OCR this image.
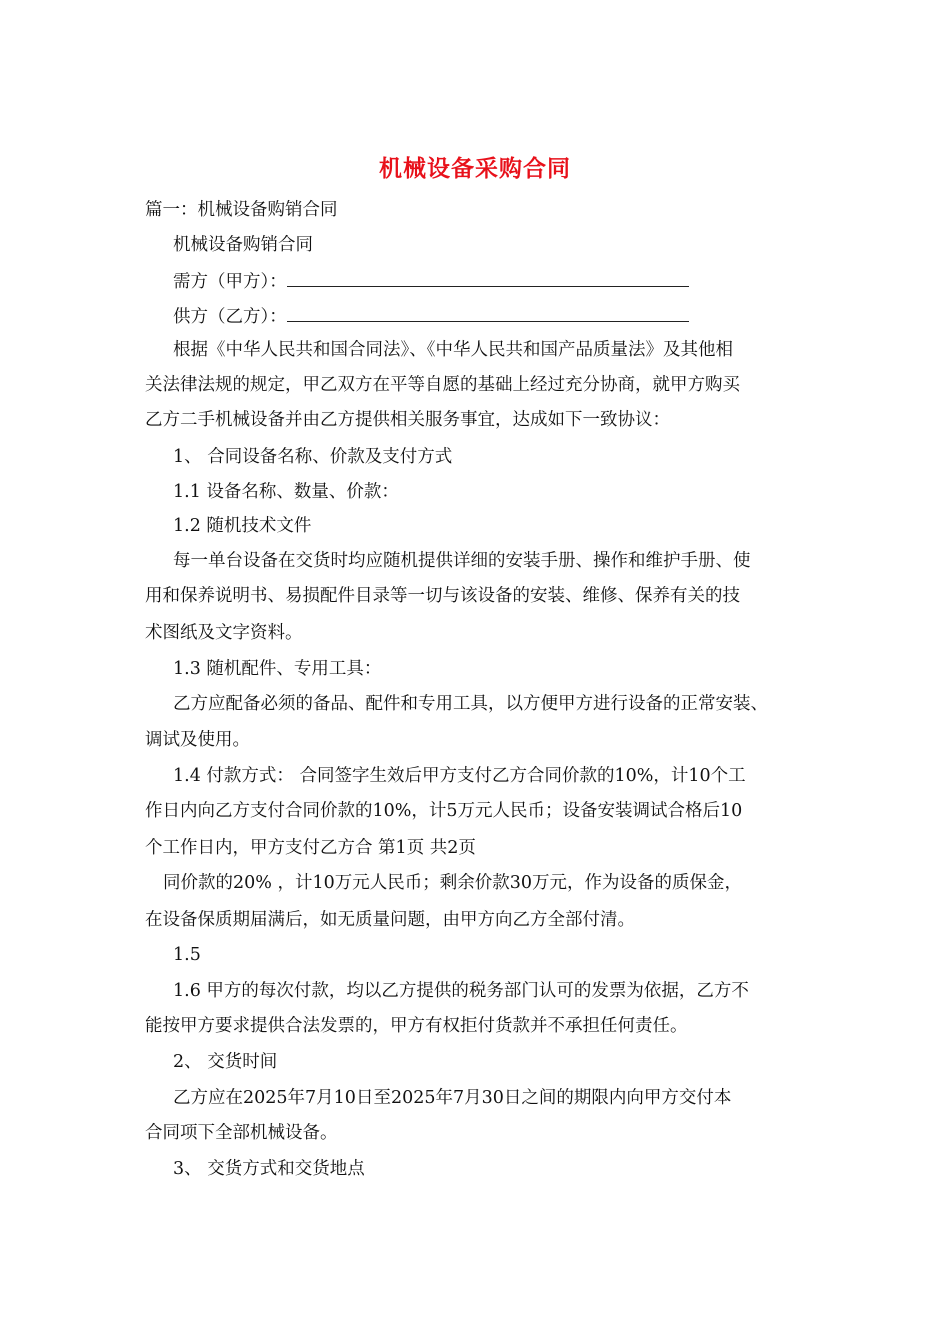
机械设备采购合同
篇一：机械设备购销合同
机械设备购销合同
需方（甲方）：
供方（乙方）：
根据《中华人民共和国合同法》、《中华人民共和国产品质量法》及其他相
关法律法规的规定，甲乙双方在平等自愿的基础上经过充分协商，就甲方购买
乙方二手机械设备并由乙方提供相关服务事宜，达成如下一致协议：
1、 合同设备名称、价款及支付方式
1.1 设备名称、数量、价款：
1.2 随机技术文件
每一单台设备在交货时均应随机提供详细的安装手册、操作和维护手册、使
用和保养说明书、易损配件目录等一切与该设备的安装、维修、保养有关的技
术图纸及文字资料。
1.3 随机配件、专用工具：
乙方应配备必须的备品、配件和专用工具，以方便甲方进行设备的正常安装、
调试及使用。
1.4 付款方式： 合同签字生效后甲方支付乙方合同价款的10%，计10个工
作日内向乙方支付合同价款的10%，计5万元人民币；设备安装调试合格后10
个工作日内，甲方支付乙方合 第1页 共2页
同价款的20% ，计10万元人民币；剩余价款30万元，作为设备的质保金，
在设备保质期届满后，如无质量问题，由甲方向乙方全部付清。
1.5
1.6 甲方的每次付款，均以乙方提供的税务部门认可的发票为依据，乙方不
能按甲方要求提供合法发票的，甲方有权拒付货款并不承担任何责任。
2、 交货时间
乙方应在2025年7月10日至2025年7月30日之间的期限内向甲方交付本
合同项下全部机械设备。
3、 交货方式和交货地点
